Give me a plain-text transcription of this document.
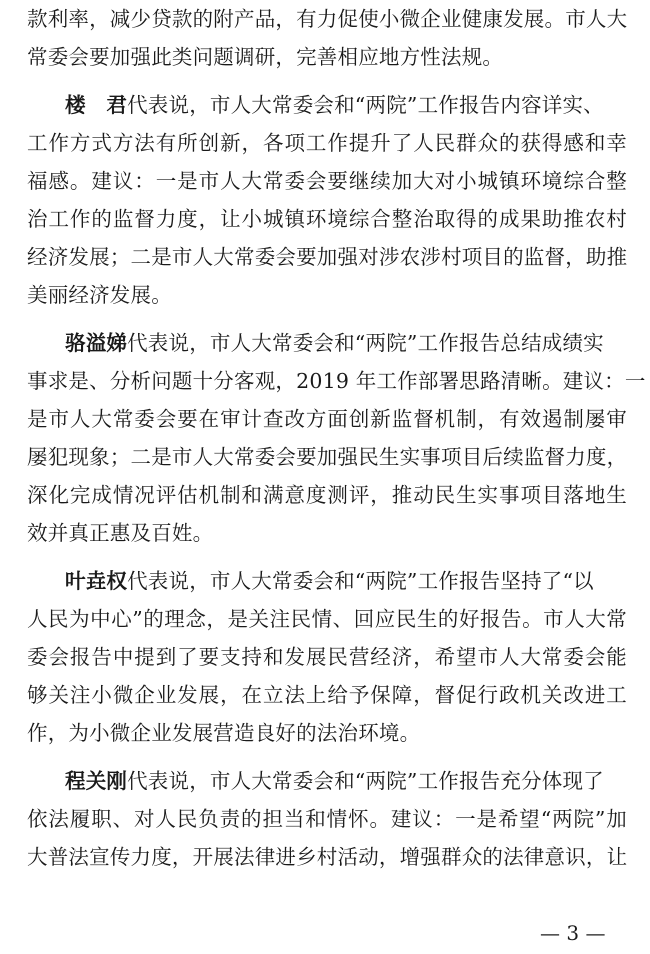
款利率，减少贷款的附产品，有力促使小微企业健康发展。市人大
常委会要加强此类问题调研，完善相应地方性法规。
楼　君代表说，市人大常委会和“两院”工作报告内容详实、
工作方式方法有所创新，各项工作提升了人民群众的获得感和幸
福感。建议：一是市人大常委会要继续加大对小城镇环境综合整
治工作的监督力度，让小城镇环境综合整治取得的成果助推农村
经济发展；二是市人大常委会要加强对涉农涉村项目的监督，助推
美丽经济发展。
骆溢娣代表说，市人大常委会和“两院”工作报告总结成绩实
事求是、分析问题十分客观，2019 年工作部署思路清晰。建议：一
是市人大常委会要在审计查改方面创新监督机制，有效遏制屡审
屡犯现象；二是市人大常委会要加强民生实事项目后续监督力度，
深化完成情况评估机制和满意度测评，推动民生实事项目落地生
效并真正惠及百姓。
叶垚权代表说，市人大常委会和“两院”工作报告坚持了“以
人民为中心”的理念，是关注民情、回应民生的好报告。市人大常
委会报告中提到了要支持和发展民营经济，希望市人大常委会能
够关注小微企业发展，在立法上给予保障，督促行政机关改进工
作，为小微企业发展营造良好的法治环境。
程关刚代表说，市人大常委会和“两院”工作报告充分体现了
依法履职、对人民负责的担当和情怀。建议：一是希望“两院”加
大普法宣传力度，开展法律进乡村活动，增强群众的法律意识，让
— 3 —
